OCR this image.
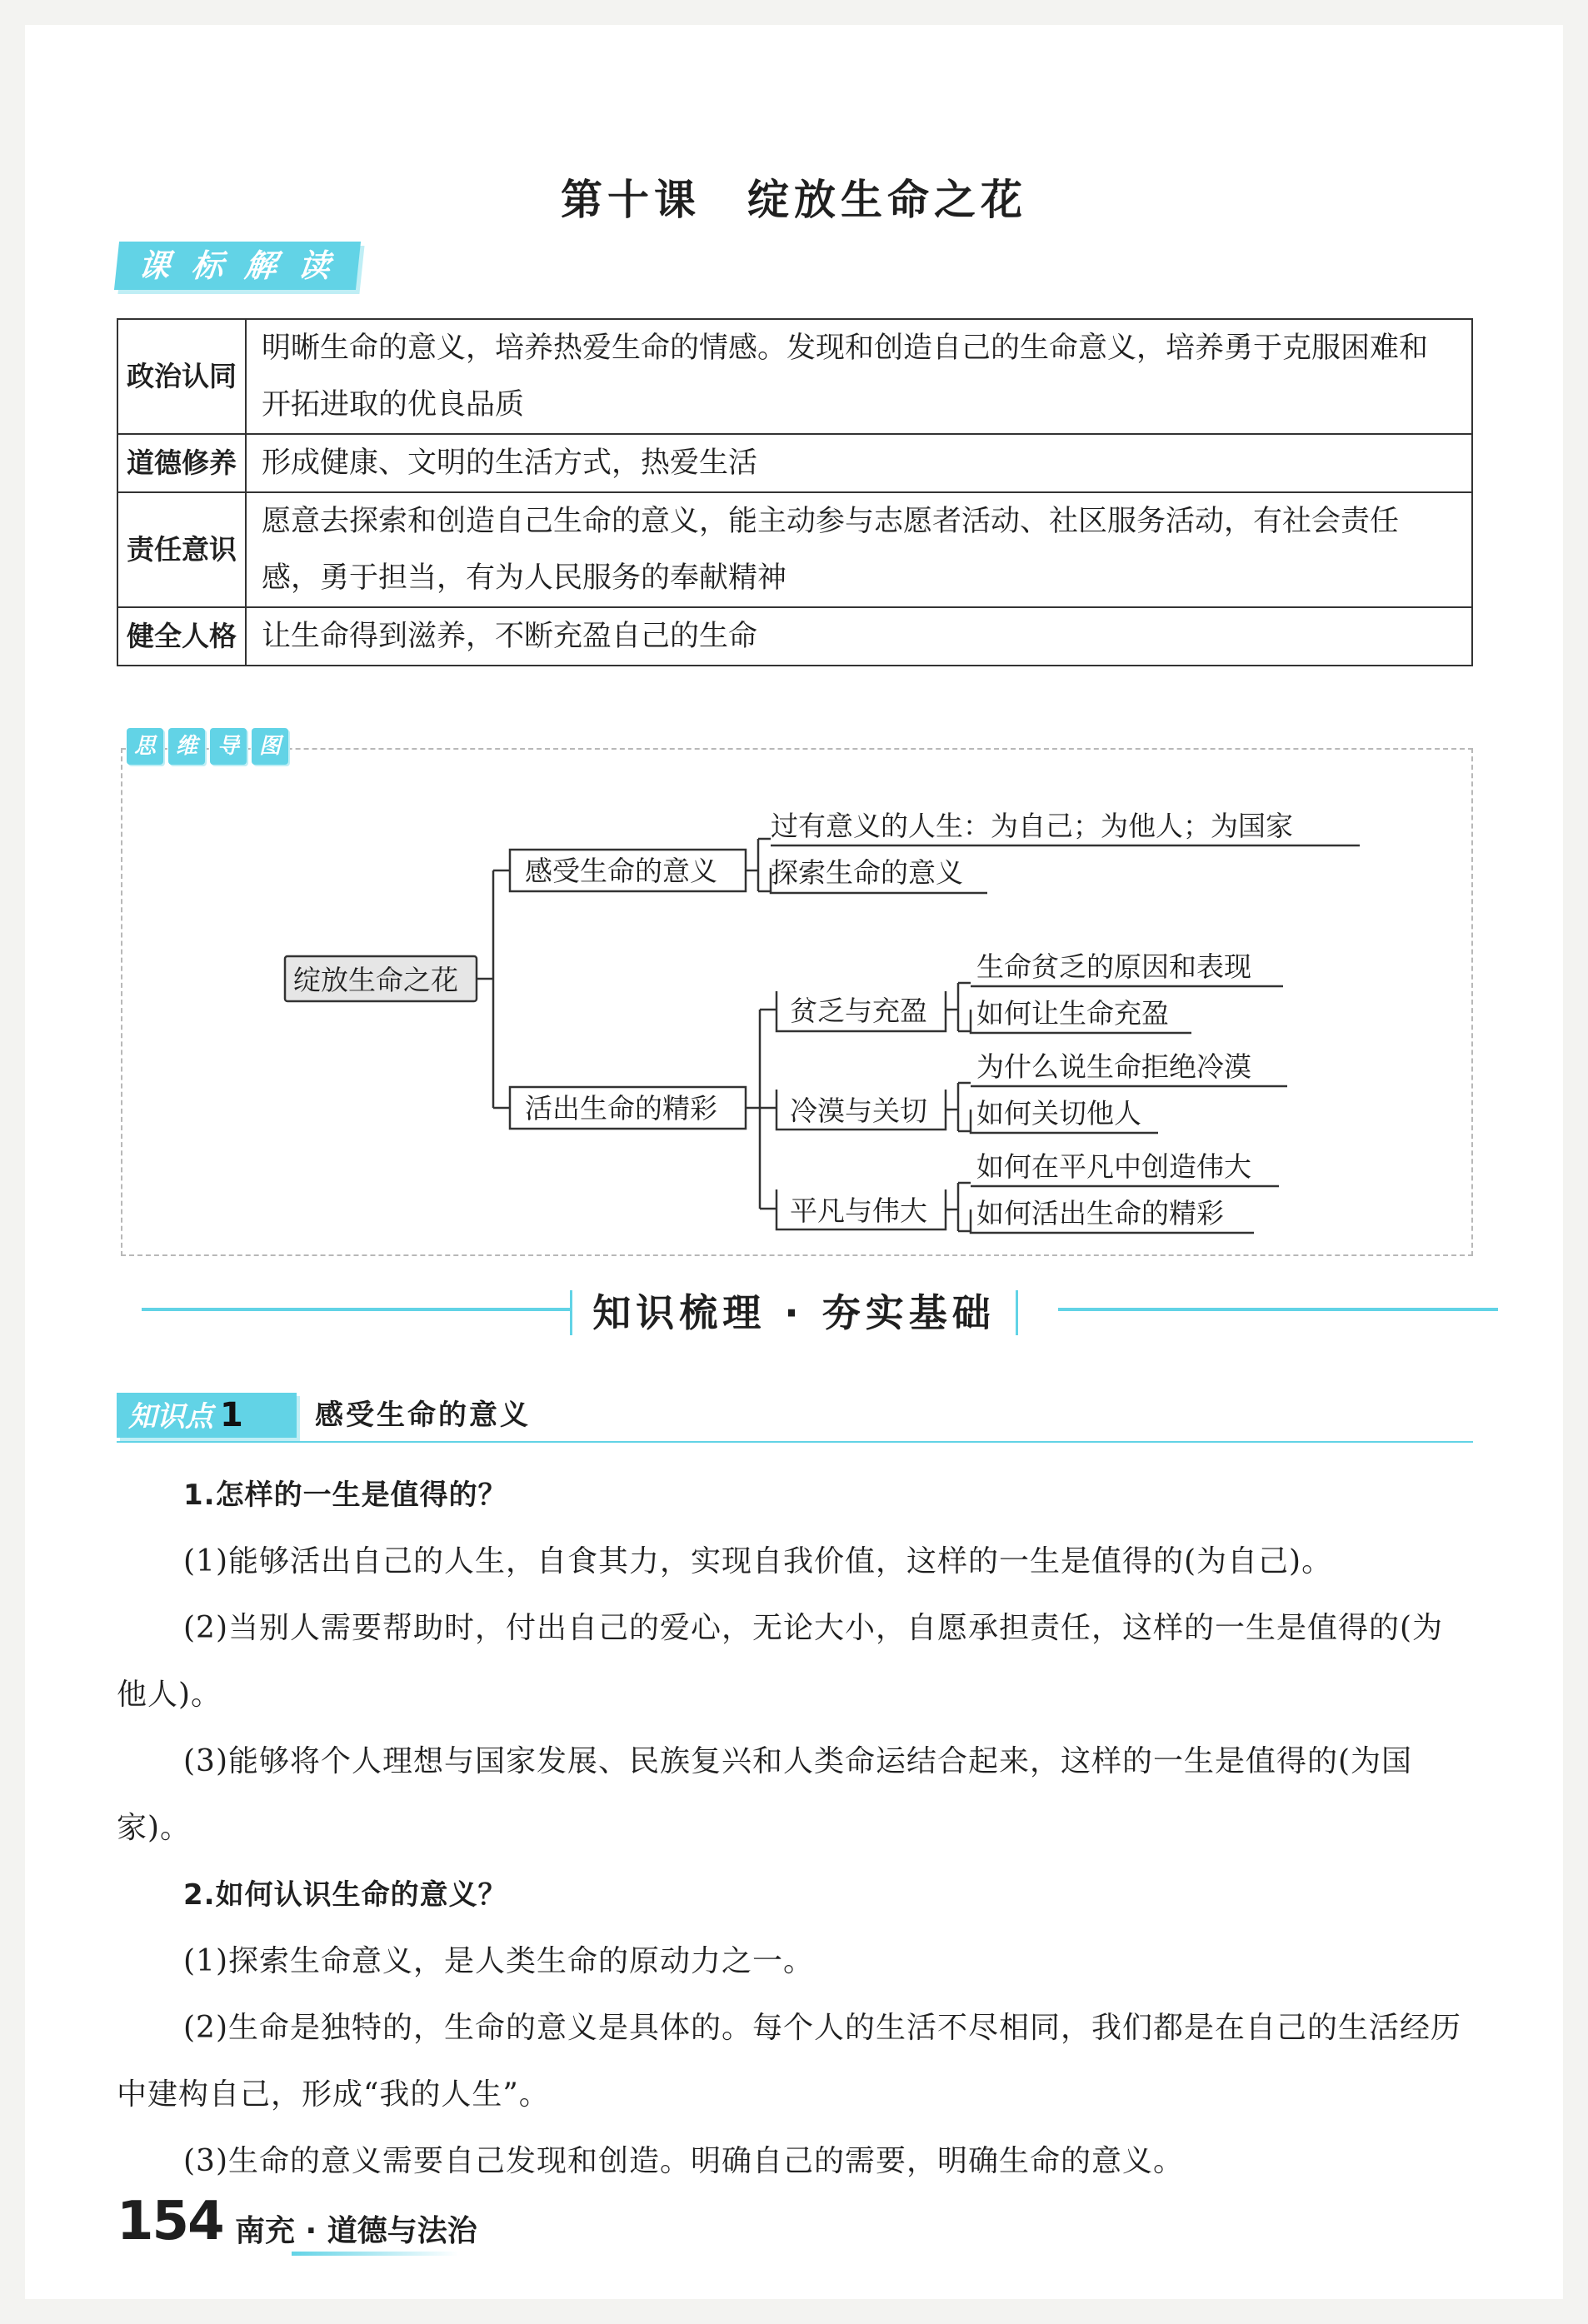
第十课　绽放生命之花
课标解读
政治认同	明晰生命的意义，培养热爱生命的情感。发现和创造自己的生命意义，培养勇于克服困难和开拓进取的优良品质
道德修养	形成健康、文明的生活方式，热爱生活
责任意识	愿意去探索和创造自己生命的意义，能主动参与志愿者活动、社区服务活动，有社会责任感，勇于担当，有为人民服务的奉献精神
健全人格	让生命得到滋养，不断充盈自己的生命
思 维 导 图
绽放生命之花
感受生命的意义
过有意义的人生：为自己；为他人；为国家
探索生命的意义
活出生命的精彩
贫乏与充盈
冷漠与关切
平凡与伟大
生命贫乏的原因和表现
如何让生命充盈
为什么说生命拒绝冷漠
如何关切他人
如何在平凡中创造伟大
如何活出生命的精彩
知识梳理 · 夯实基础
知识点 1	感受生命的意义

1.怎样的一生是值得的？

(1)能够活出自己的人生，自食其力，实现自我价值，这样的一生是值得的(为自己)。

(2)当别人需要帮助时，付出自己的爱心，无论大小，自愿承担责任，这样的一生是值得的(为他人)。

(3)能够将个人理想与国家发展、民族复兴和人类命运结合起来，这样的一生是值得的(为国家)。

2.如何认识生命的意义？

(1)探索生命意义，是人类生命的原动力之一。

(2)生命是独特的，生命的意义是具体的。每个人的生活不尽相同，我们都是在自己的生活经历中建构自己，形成“我的人生”。

(3)生命的意义需要自己发现和创造。明确自己的需要，明确生命的意义。

154 南充 · 道德与法治
